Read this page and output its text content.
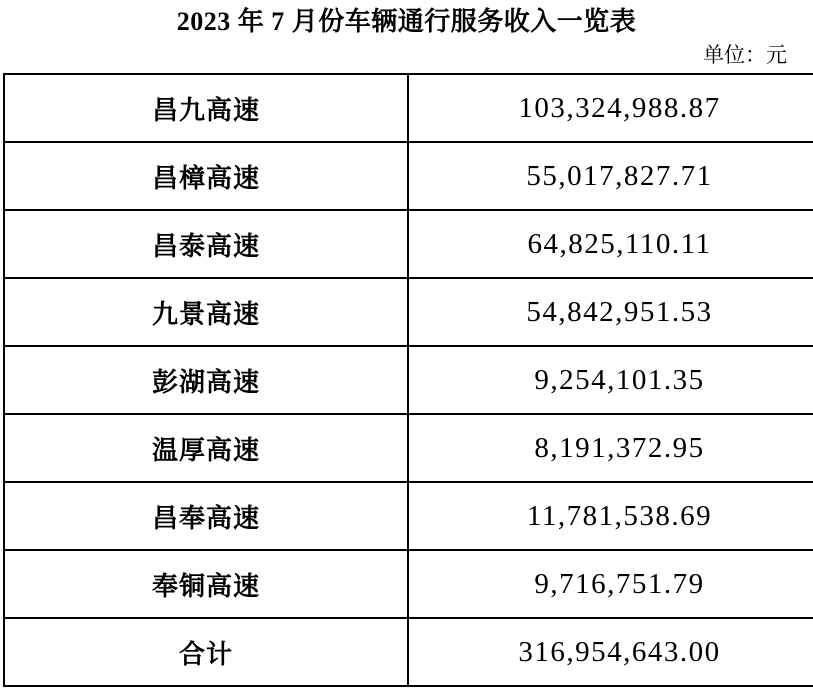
2023 年 7 月份车辆通行服务收入一览表
单位：元
昌九高速	103,324,988.87
昌樟高速	55,017,827.71
昌泰高速	64,825,110.11
九景高速	54,842,951.53
彭湖高速	9,254,101.35
温厚高速	8,191,372.95
昌奉高速	11,781,538.69
奉铜高速	9,716,751.79
合计	316,954,643.00
